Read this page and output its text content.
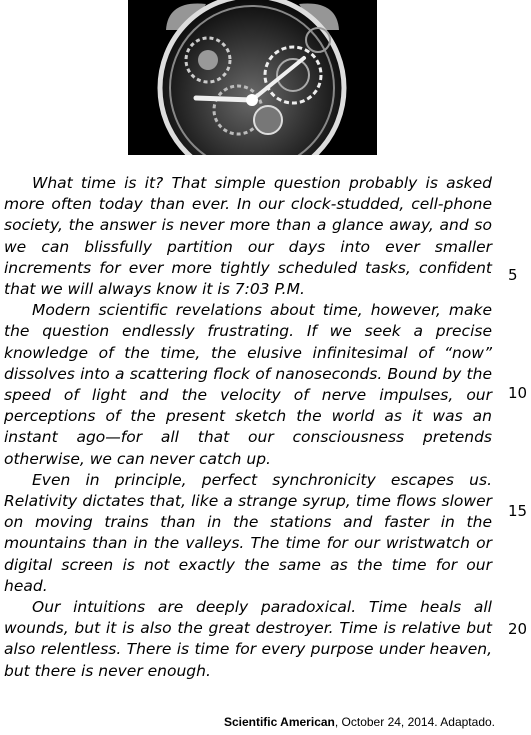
What time is it? That simple question probably is asked more often today than ever. In our clock-studded, cell-phone society, the answer is never more than a glance away, and so we can blissfully partition our days into ever smaller increments for ever more tightly scheduled tasks, confident that we will always know it is 7:03 P.M.

Modern scientific revelations about time, however, make the question endlessly frustrating. If we seek a precise knowledge of the time, the elusive infinitesimal of “now” dissolves into a scattering flock of nanoseconds. Bound by the speed of light and the velocity of nerve impulses, our perceptions of the present sketch the world as it was an instant ago—for all that our consciousness pretends otherwise, we can never catch up.

Even in principle, perfect synchronicity escapes us. Relativity dictates that, like a strange syrup, time flows slower on moving trains than in the stations and faster in the mountains than in the valleys. The time for our wristwatch or digital screen is not exactly the same as the time for our head.

Our intuitions are deeply paradoxical. Time heals all wounds, but it is also the great destroyer. Time is relative but also relentless. There is time for every purpose under heaven, but there is never enough.

5
10
15
20
Scientific American, October 24, 2014. Adaptado.
